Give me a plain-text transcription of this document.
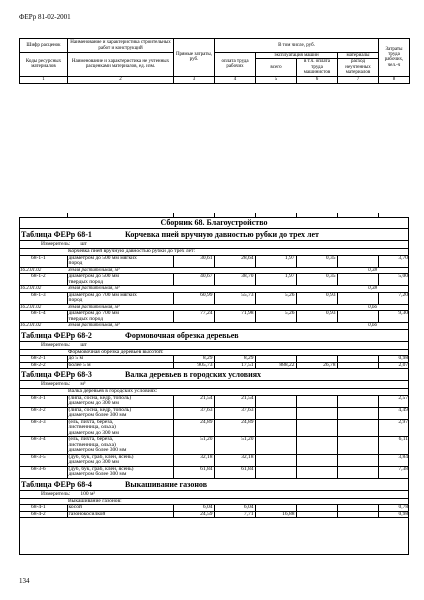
ФЕРр 81-02-2001
Шифр расценок	Наименование и характеристика строительных работ и конструкций	Прямые затраты, руб.	В том числе, руб.				Затраты труда рабочих, чел.-ч
Коды ресурсных материалов	Наименование и характеристика не учтенных расценками материалов, ед. изм.		оплата труда рабочих	эксплуатация машин		материалы	
				всего	в т.ч. оплата труда машинистов	расход неучтенных материалов	

1	2	3	4	5	6	7	8
Сборник 68. Благоустройство
Таблица ФЕРр 68-1	Корчевка пней вручную давностью рубки до трех лет
Измеритель: шт
	Корчевка пней вручную давностью рубки до трех лет:						
68-1-1	диаметром до 500 мм мягких
пород	30,61	28,64	1,97	0,35		3,70
16.2.01.02	Земля растительная, м³					0,38	
68-1-2	диаметром до 500 мм
твердых пород	40,67	38,70	1,97	0,35		5,00
16.2.01.02	Земля растительная, м³					0,38	
68-1-3	диаметром до 700 мм мягких
пород	60,99	55,73	5,26	0,93		7,20
16.2.01.02	Земля растительная, м³					0,66	
68-1-4	диаметром до 700 мм
твердых пород	77,24	71,98	5,26	0,93		9,30
16.2.01.02	Земля растительная, м³					0,66	
Таблица ФЕРр 68-2	Формовочная обрезка деревьев
Измеритель: шт
	Формовочная обрезка деревьев высотой:						
68-2-1	до 5 м	8,29	8,29				0,98
68-2-2	более 5 м	905,73	17,51	888,22	26,78		2,07
Таблица ФЕРр 68-3	Валка деревьев в городских условиях
Измеритель: м³
	Валка деревьев в городских условиях:						
68-3-1	(липа, сосна, кедр, тополь)
диаметром до 300 мм	21,54	21,54				2,57
68-3-2	(липа, сосна, кедр, тополь)
диаметром более 300 мм	37,63	37,63				4,49
68-3-3	(ель, пихта, береза,
лиственница, ольха)
диаметром до 300 мм	24,89	24,89				2,97
68-3-4	(ель, пихта, береза,
лиственница, ольха)
диаметром более 300 мм	51,20	51,20				6,11
68-3-5	(дуб, бук, граб, клен, ясень)
диаметром до 300 мм	32,18	32,18				3,84
68-3-6	(дуб, бук, граб, клен, ясень)
диаметром более 300 мм	61,84	61,84				7,38
Таблица ФЕРр 68-4	Выкашивание газонов
Измеритель: 100 м²
	Выкашивание газонов:						
68-4-1	косой	6,04	6,04				0,78
68-4-2	газонокосилкой	24,59	7,71	16,88			0,98
134
